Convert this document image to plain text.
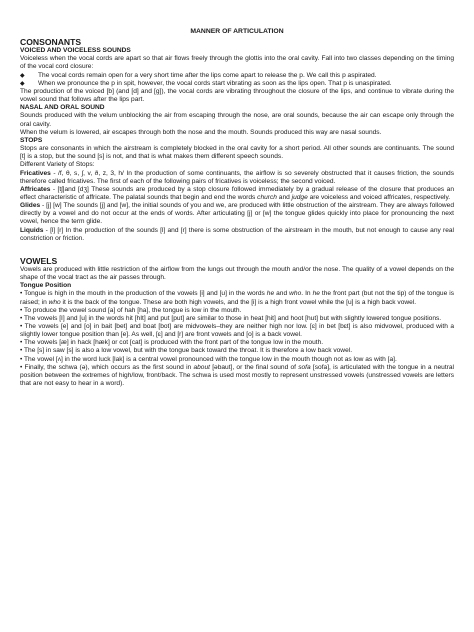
MANNER OF ARTICULATION
CONSONANTS
VOICED AND VOICELESS SOUNDS

Voiceless when the vocal cords are apart so that air flows freely through the glottis into the oral cavity. Fall into two classes depending on the timing of the vocal cord closure:

◆	The vocal cords remain open for a very short time after the lips come apart to release the p. We call this p aspirated.
◆	When we pronounce the p in spit, however, the vocal cords start vibrating as soon as the lips open. That p is unaspirated.

The production of the voiced [b] (and [d] and [g]), the vocal cords are vibrating throughout the closure of the lips, and continue to vibrate during the vowel sound that follows after the lips part.

NASAL AND ORAL SOUND

Sounds produced with the velum unblocking the air from escaping through the nose, are oral sounds, because the air can escape only through the oral cavity.

When the velum is lowered, air escapes through both the nose and the mouth. Sounds produced this way are nasal sounds.

STOPS

Stops are consonants in which the airstream is completely blocked in the oral cavity for a short period. All other sounds are continuants. The sound [t] is a stop, but the sound [s] is not, and that is what makes them different speech sounds.

Different Variety of Stops:

Fricatives - /f, θ, s, ʃ, v, ð, z, 3, h/ In the production of some continuants, the airflow is so severely obstructed that it causes friction, the sounds therefore called fricatives. The first of each of the following pairs of fricatives is voiceless; the second voiced.

Affricates - [tʃ]and [dʒ] These sounds are produced by a stop closure followed immediately by a gradual release of the closure that produces an effect characteristic of affricate. The palatal sounds that begin and end the words church and judge are voiceless and voiced affricates, respectively.

Glides - [j] [w] The sounds [j] and [w], the initial sounds of you and we, are produced with little obstruction of the airstream. They are always followed directly by a vowel and do not occur at the ends of words. After articulating [j] or [w] the tongue glides quickly into place for pronouncing the next vowel, hence the term glide.

Liquids - [l] [r] In the production of the sounds [l] and [r] there is some obstruction of the airstream in the mouth, but not enough to cause any real constriction or friction.

VOWELS

Vowels are produced with little restriction of the airflow from the lungs out through the mouth and/or the nose. The quality of a vowel depends on the shape of the vocal tract as the air passes through.

Tongue Position

• Tongue is high in the mouth in the production of the vowels [i] and [u] in the words he and who. In he the front part (but not the tip) of the tongue is raised; in who it is the back of the tongue. These are both high vowels, and the [i] is a high front vowel while the [u] is a high back vowel.

• To produce the vowel sound [a] of hah [ha], the tongue is low in the mouth.

• The vowels [I] and [u] in the words hit [hIt] and put [put] are similar to those in heat [hit] and hoot [hut] but with slightly lowered tongue positions.

• The vowels [e] and [o] in bait [bet] and boat [bot] are midvowels–they are neither high nor low. [ɛ] in bet [bɛt] is also midvowel, produced with a slightly lower tongue position than [e]. As well, [ɛ] and [r] are front vowels and [o] is a back vowel.

• The vowels [æ] in hack [hæk] or cot [cat] is produced with the front part of the tongue low in the mouth.

• The [s] in saw [s] is also a low vowel, but with the tongue back toward the throat. It is therefore a low back vowel.

• The vowel [ʌ] in the word luck [lak] is a central vowel pronounced with the tongue low in the mouth though not as low as with [a].

• Finally, the schwa (ə), which occurs as the first sound in about [əbaut], or the final sound of sofa [sofa], is articulated with the tongue in a neutral position between the extremes of high/low, front/back. The schwa is used most mostly to represent unstressed vowels (unstressed vowels are letters that are not easy to hear in a word).
